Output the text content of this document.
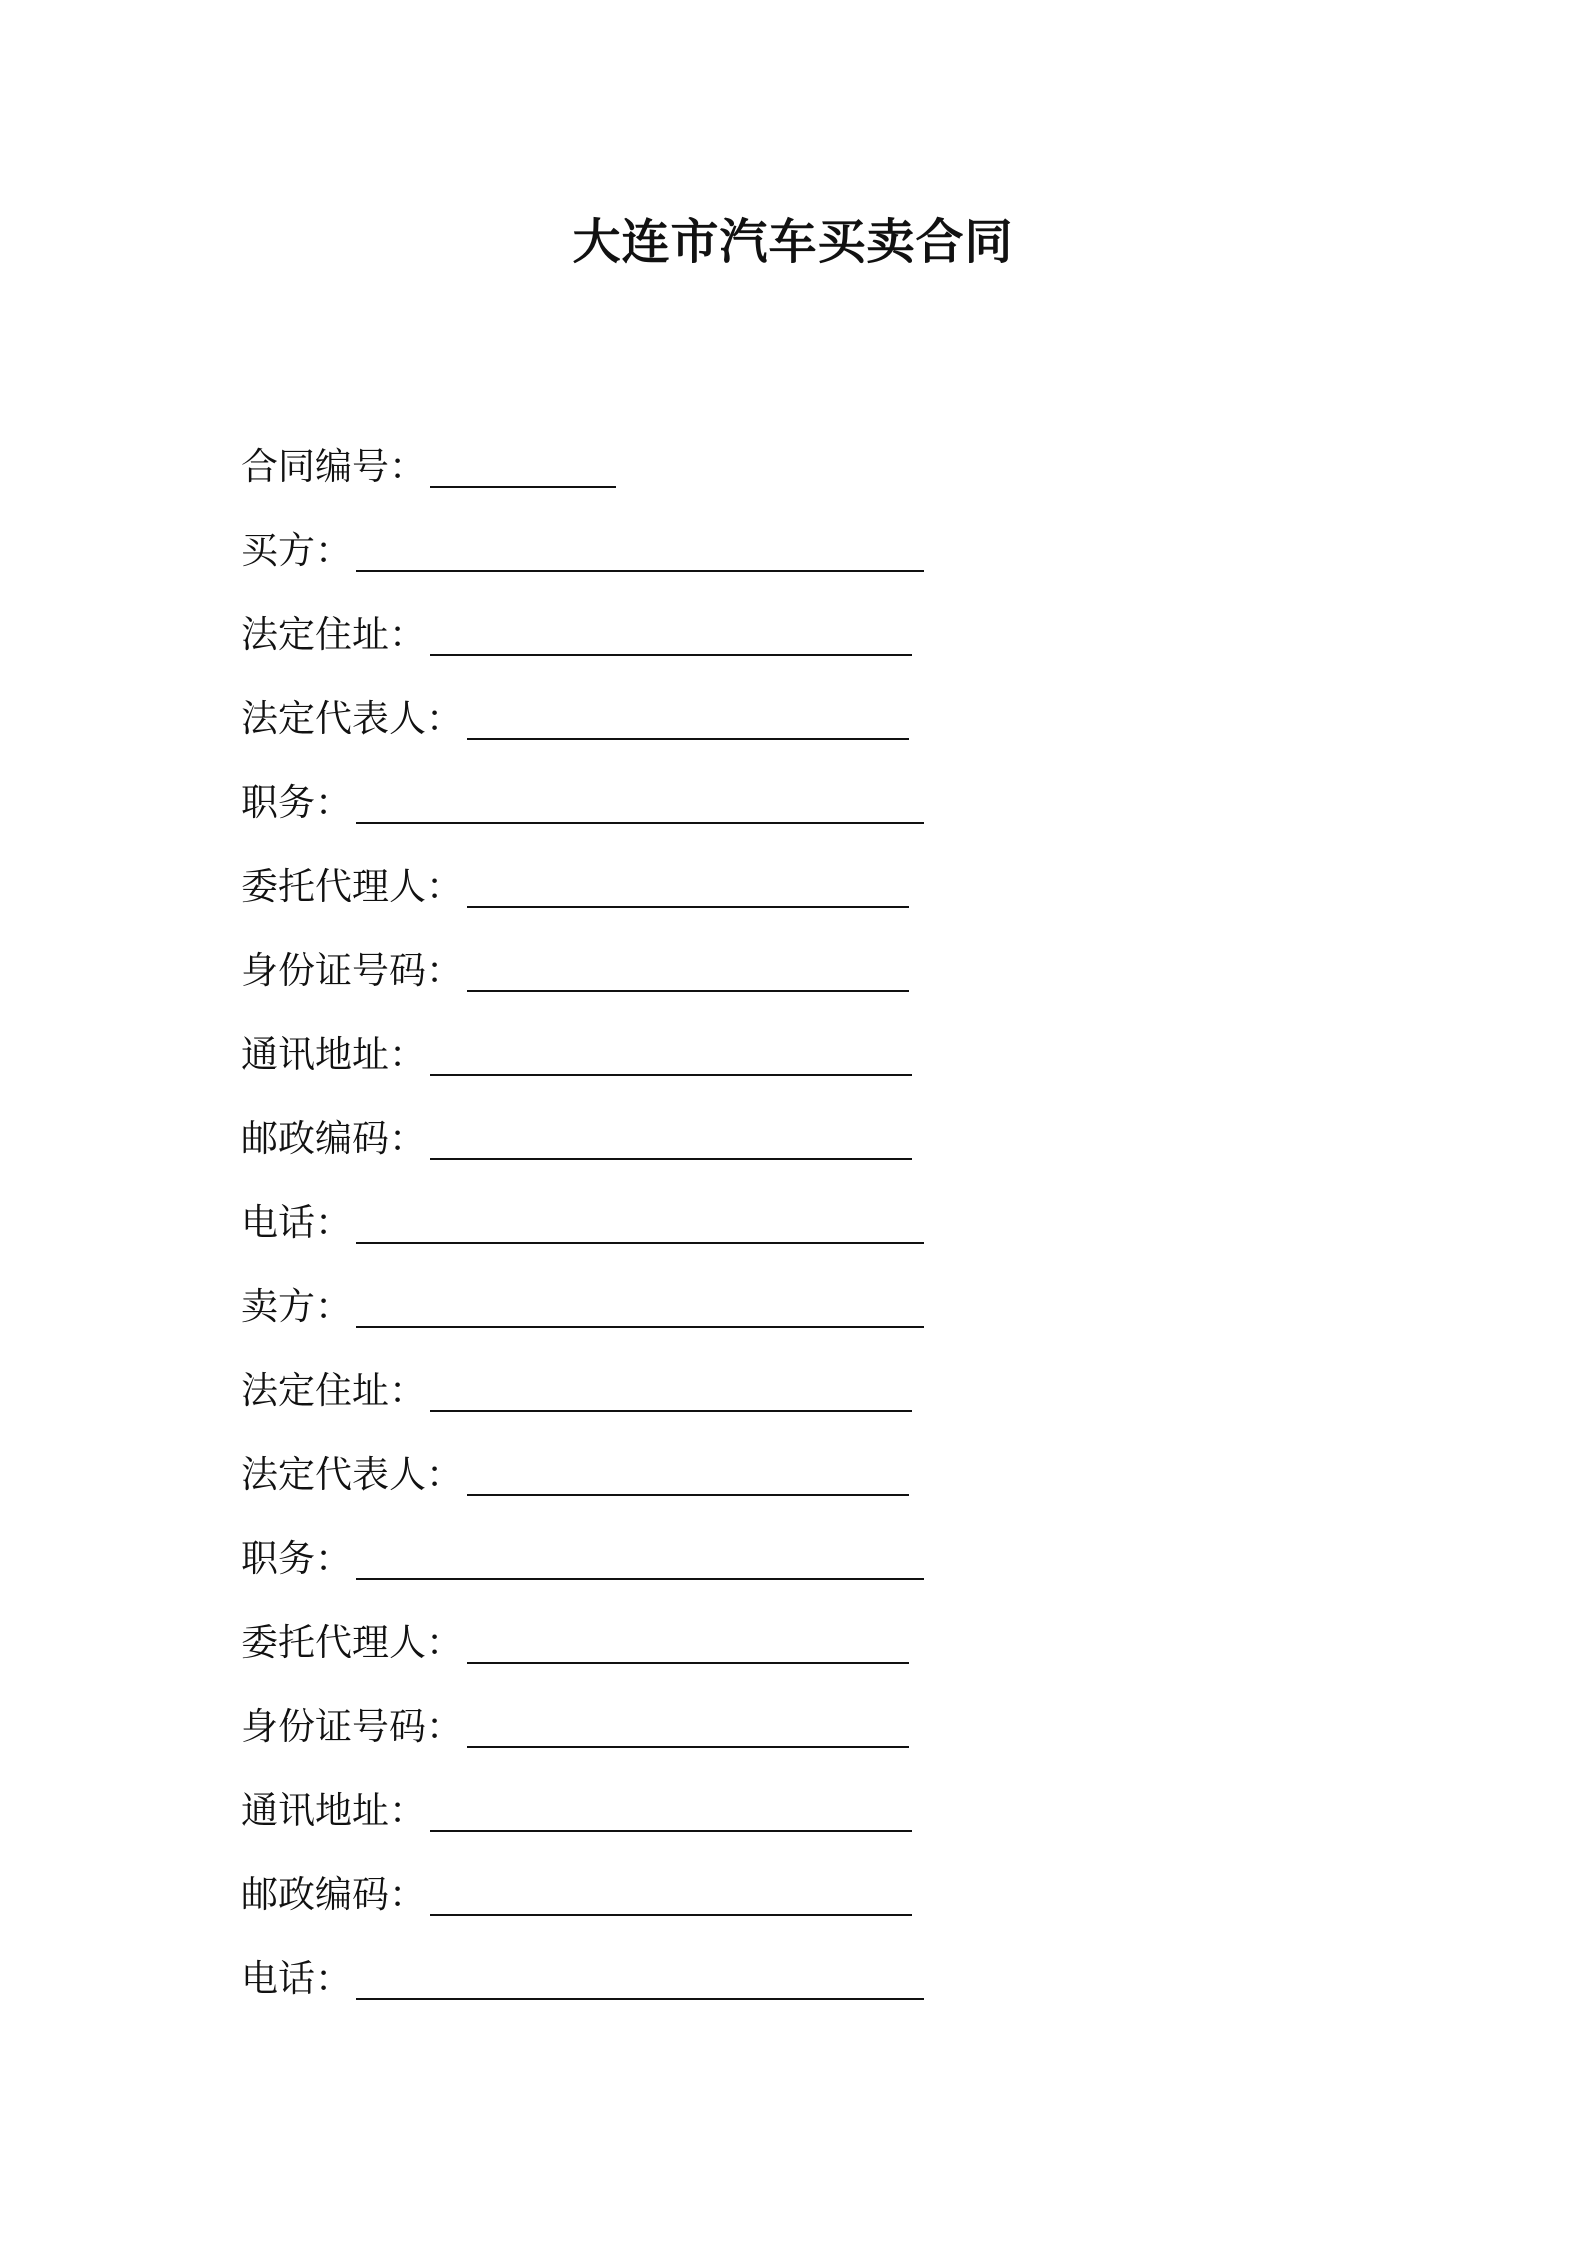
大连市汽车买卖合同
合同编号：
买方：
法定住址：
法定代表人：
职务：
委托代理人：
身份证号码：
通讯地址：
邮政编码：
电话：
卖方：
法定住址：
法定代表人：
职务：
委托代理人：
身份证号码：
通讯地址：
邮政编码：
电话：
